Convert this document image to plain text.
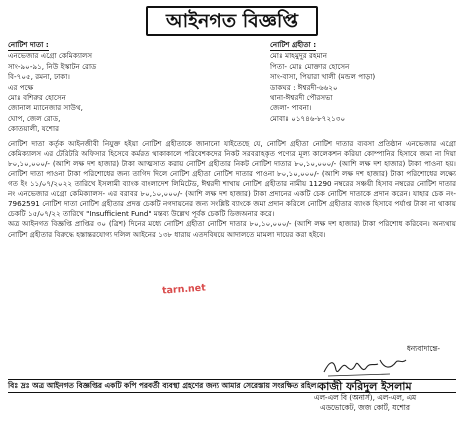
আইনগত বিজ্ঞপ্তি
নোটিশ দাতা :
এনভেজার এগ্রো কেমিক্যালস
সাং-৯০-৯১, নিউ ইস্কাটন রোড
বি-৭০৫, রমনা, ঢাকা।
এর পক্ষে
মোঃ বশিরুর হোসেন
জোনাল ম্যানেজার সাউথ,
ঘোপ, জেল রোড,
কোতয়ালী, যশোর
নোটিশ গ্রহীতা :
মোঃ মাহমুদুর রহমান
পিতা- মোঃ মোক্তার হোসেন
সাং-বাসা, পিয়ারা খালী (মন্ডল পাড়া)
ডাকঘর : ঈশ্বরদী-৬৬২০
থানা-ঈশ্বরদী পৌরসভা
জেলা- পাবনা।
মোবাঃ ০১৭৪৬-৮৭২১৩০

নোটিশ দাতা কর্তৃক আইনজীবী নিযুক্ত হইয়া নোটিশ গ্রহীতাকে জানানো যাইতেছে যে, নোটিশ গ্রহীতা নোটিশ দাতার ব্যবসা প্রতিষ্ঠান এনভেজার এগ্রো কেমিক্যালস এর টেরিটরি অফিসার হিসেবে কর্মরত থাকাকালে পরিবেশকদের নিকট সরবরাহকৃত পণ্যের মূল্য কালেকশন করিয়া কোম্পানির হিসাবে জমা না দিয়া ৮০,১০,০০০/- (আশি লক্ষ দশ হাজার) টাকা আত্মসাত করায় নোটিশ গ্রহীতার নিকট নোটিশ দাতার ৮০,১০,০০০/- (আশি লক্ষ দশ হাজার) টাকা পাওনা হয়। নোটিশ দাতা পাওনা টাকা পরিশোধের জন্য তাগিদ দিলে নোটিশ গ্রহীতা নোটিশ দাতার পাওনা ৮০,১০,০০০/- (আশি লক্ষ দশ হাজার) টাকা পরিশোধের লক্ষ্যে গত ইং ১১/০৭/২০২২ তারিখে ইসলামী ব্যাংক বাংলাদেশ লিমিটেড, ঈশ্বরদী শাখায় নোটিশ গ্রহীতার নামীয় 11290 নম্বরের সঞ্চয়ী হিসাব নম্বরের নোটিশ দাতার নং এনভেজার এগ্রো কেমিক্যালস- এর বরাবর ৮০,১০,০০০/- (আশি লক্ষ দশ হাজার) টাকা প্রদানের একটি চেক নোটিশ দাতাকে প্রদান করেন। যাহার চেক নং- 7962591 নোটিশ দাতা নোটিশ গ্রহীতার প্রদত্ত চেকটি নগদায়নের জন্য সংশ্লিষ্ট ব্যাংকে জমা প্রদান করিলে নোটিশ গ্রহীতার ব্যাংক হিসাবে পর্যাপ্ত টাকা না থাকায় চেকটি ১৫/০৭/২২ তারিখে "Insufficient Fund" মন্তব্য উল্লেখ পূর্বক চেকটি ডিজঅনার করে।

অত্র আইনগত বিজ্ঞপ্তি প্রাপ্তির ৩০ (ত্রিশ) দিনের মধ্যে নোটিশ গ্রহীতা নোটিশ দাতার ৮০,১০,০০০/- (আশি লক্ষ দশ হাজার) টাকা পরিশোধ করিবেন। অন্যথায় নোটিশ গ্রহীতার বিরুদ্ধে হস্তান্তরযোগ্য দলিল আইনের ১৩৮ ধারায় এতদবিষয়ে আদালতে মামলা দায়ের করা হইবে।

tarn.net
বিঃ দ্রঃ অত্র আইনগত বিজ্ঞপ্তির একটি কপি পরবর্তী ব্যবস্থা গ্রহণের জন্য আমার সেরেস্তায় সংরক্ষিত রহিল।
ধন্যবাদান্তে-
কাজী ফরিদুল ইসলাম
এল-এল বি (অনার্স), এল-এল, এম
এডভোকেট, জজ কোর্ট, যশোর
